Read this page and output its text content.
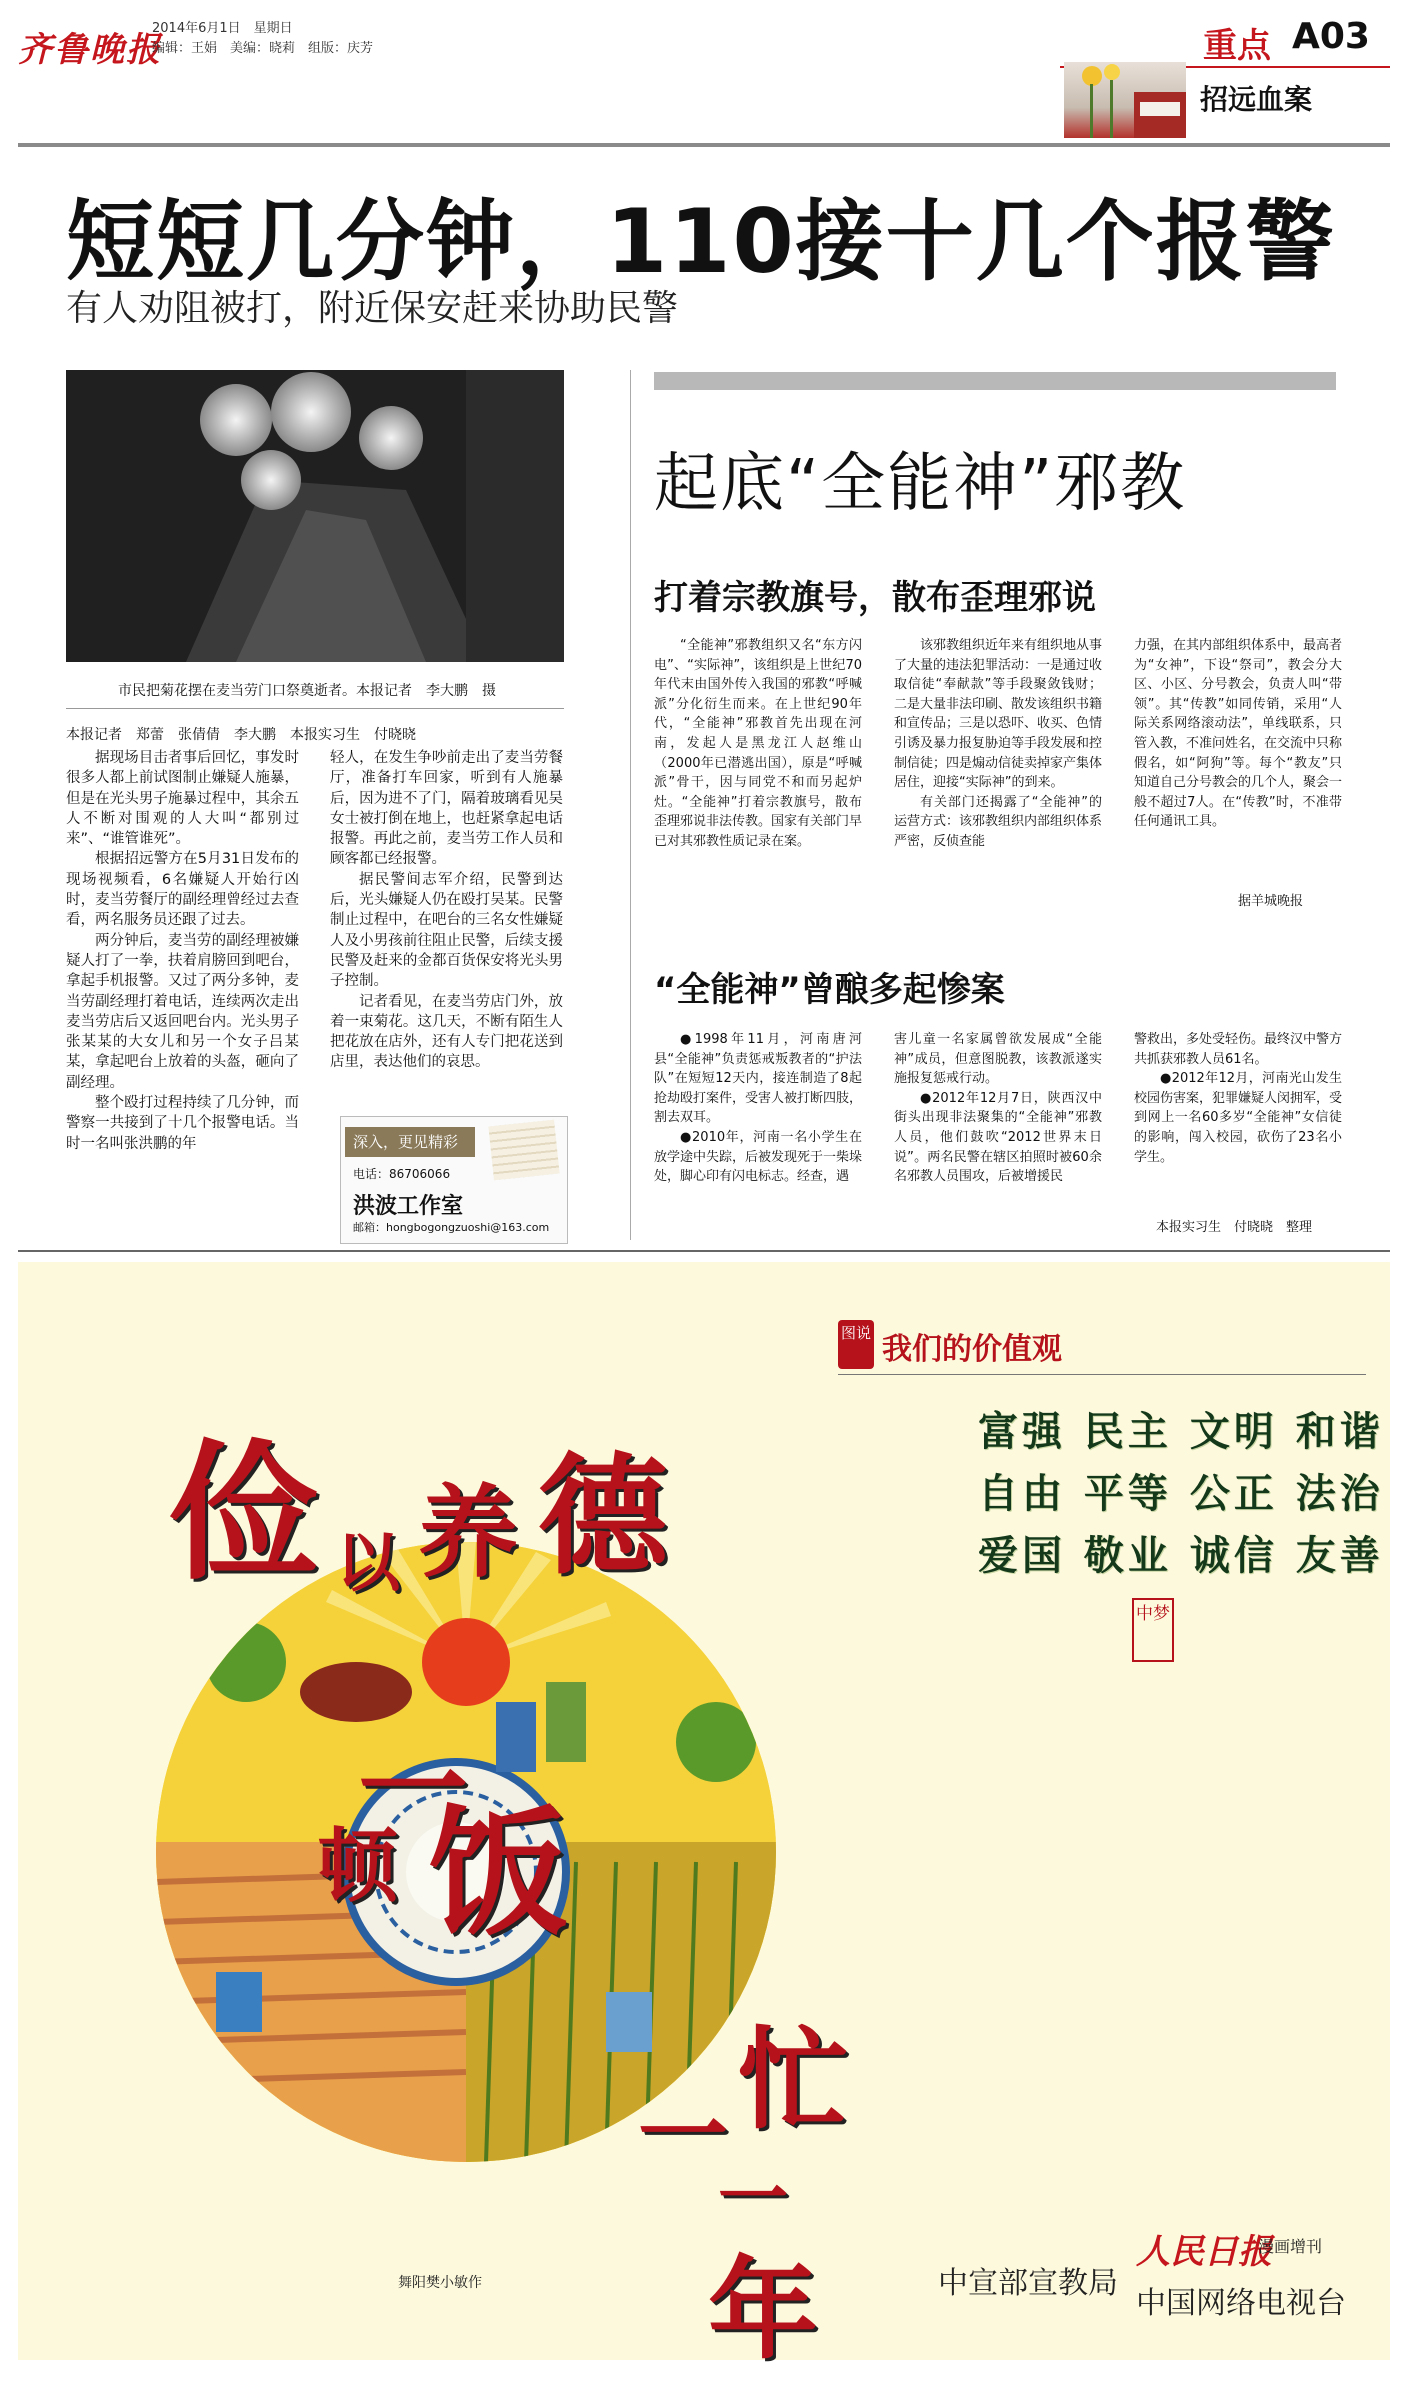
齐鲁晚报
2014年6月1日　星期日
编辑：王娟　美编：晓莉　组版：庆芳	重点 A03
招远血案
短短几分钟，110接十几个报警
有人劝阻被打，附近保安赶来协助民警
市民把菊花摆在麦当劳门口祭奠逝者。本报记者　李大鹏　摄
本报记者　郑蕾　张倩倩　李大鹏　本报实习生　付晓晓

据现场目击者事后回忆，事发时很多人都上前试图制止嫌疑人施暴，但是在光头男子施暴过程中，其余五人不断对围观的人大叫“都别过来”、“谁管谁死”。

根据招远警方在5月31日发布的现场视频看，6名嫌疑人开始行凶时，麦当劳餐厅的副经理曾经过去查看，两名服务员还跟了过去。

两分钟后，麦当劳的副经理被嫌疑人打了一拳，扶着肩膀回到吧台，拿起手机报警。又过了两分多钟，麦当劳副经理打着电话，连续两次走出麦当劳店后又返回吧台内。光头男子张某某的大女儿和另一个女子吕某某，拿起吧台上放着的头盔，砸向了副经理。

整个殴打过程持续了几分钟，而警察一共接到了十几个报警电话。当时一名叫张洪鹏的年

轻人，在发生争吵前走出了麦当劳餐厅，准备打车回家，听到有人施暴后，因为进不了门，隔着玻璃看见吴女士被打倒在地上，也赶紧拿起电话报警。再此之前，麦当劳工作人员和顾客都已经报警。

据民警间志军介绍，民警到达后，光头嫌疑人仍在殴打吴某。民警制止过程中，在吧台的三名女性嫌疑人及小男孩前往阻止民警，后续支援民警及赶来的金都百货保安将光头男子控制。

记者看见，在麦当劳店门外，放着一束菊花。这几天，不断有陌生人把花放在店外，还有人专门把花送到店里，表达他们的哀思。

深入，更见精彩
电话：86706066
洪波工作室
邮箱：hongbogongzuoshi@163.com
起底“全能神”邪教
打着宗教旗号，散布歪理邪说

“全能神”邪教组织又名“东方闪电”、“实际神”，该组织是上世纪70年代末由国外传入我国的邪教“呼喊派”分化衍生而来。在上世纪90年代，“全能神”邪教首先出现在河南，发起人是黑龙江人赵维山（2000年已潜逃出国），原是“呼喊派”骨干，因与同党不和而另起炉灶。“全能神”打着宗教旗号，散布歪理邪说非法传教。国家有关部门早已对其邪教性质记录在案。

该邪教组织近年来有组织地从事了大量的违法犯罪活动：一是通过收取信徒“奉献款”等手段聚敛钱财；二是大量非法印刷、散发该组织书籍和宣传品；三是以恐吓、收买、色情引诱及暴力报复胁迫等手段发展和控制信徒；四是煽动信徒卖掉家产集体居住，迎接“实际神”的到来。

有关部门还揭露了“全能神”的运营方式：该邪教组织内部组织体系严密，反侦查能

力强，在其内部组织体系中，最高者为“女神”，下设“祭司”，教会分大区、小区、分号教会，负责人叫“带领”。其“传教”如同传销，采用“人际关系网络滚动法”，单线联系，只管入教，不准问姓名，在交流中只称假名，如“阿狗”等。每个“教友”只知道自己分号教会的几个人，聚会一般不超过7人。在“传教”时，不准带任何通讯工具。

据羊城晚报
“全能神”曾酿多起惨案

●1998年11月，河南唐河县“全能神”负责惩戒叛教者的“护法队”在短短12天内，接连制造了8起抢劫殴打案件，受害人被打断四肢，割去双耳。

●2010年，河南一名小学生在放学途中失踪，后被发现死于一柴垛处，脚心印有闪电标志。经查，遇

害儿童一名家属曾欲发展成“全能神”成员，但意图脱教，该教派遂实施报复惩戒行动。

●2012年12月7日，陕西汉中街头出现非法聚集的“全能神”邪教人员，他们鼓吹“2012世界末日说”。两名民警在辖区拍照时被60余名邪教人员围攻，后被增援民

警救出，多处受轻伤。最终汉中警方共抓获邪教人员61名。

●2012年12月，河南光山发生校园伤害案，犯罪嫌疑人闵拥军，受到网上一名60多岁“全能神”女信徒的影响，闯入校园，砍伤了23名小学生。

本报实习生　付晓晓　整理
图说 我们的价值观
富强 民主 文明 和谐
自由 平等 公正 法治
爱国 敬业 诚信 友善
中梦
俭 以 养 德
一
顿 饭
一 忙
一
年
舞阳樊小敏作	中宣部宣教局
人民日报
漫画增刊
中国网络电视台
